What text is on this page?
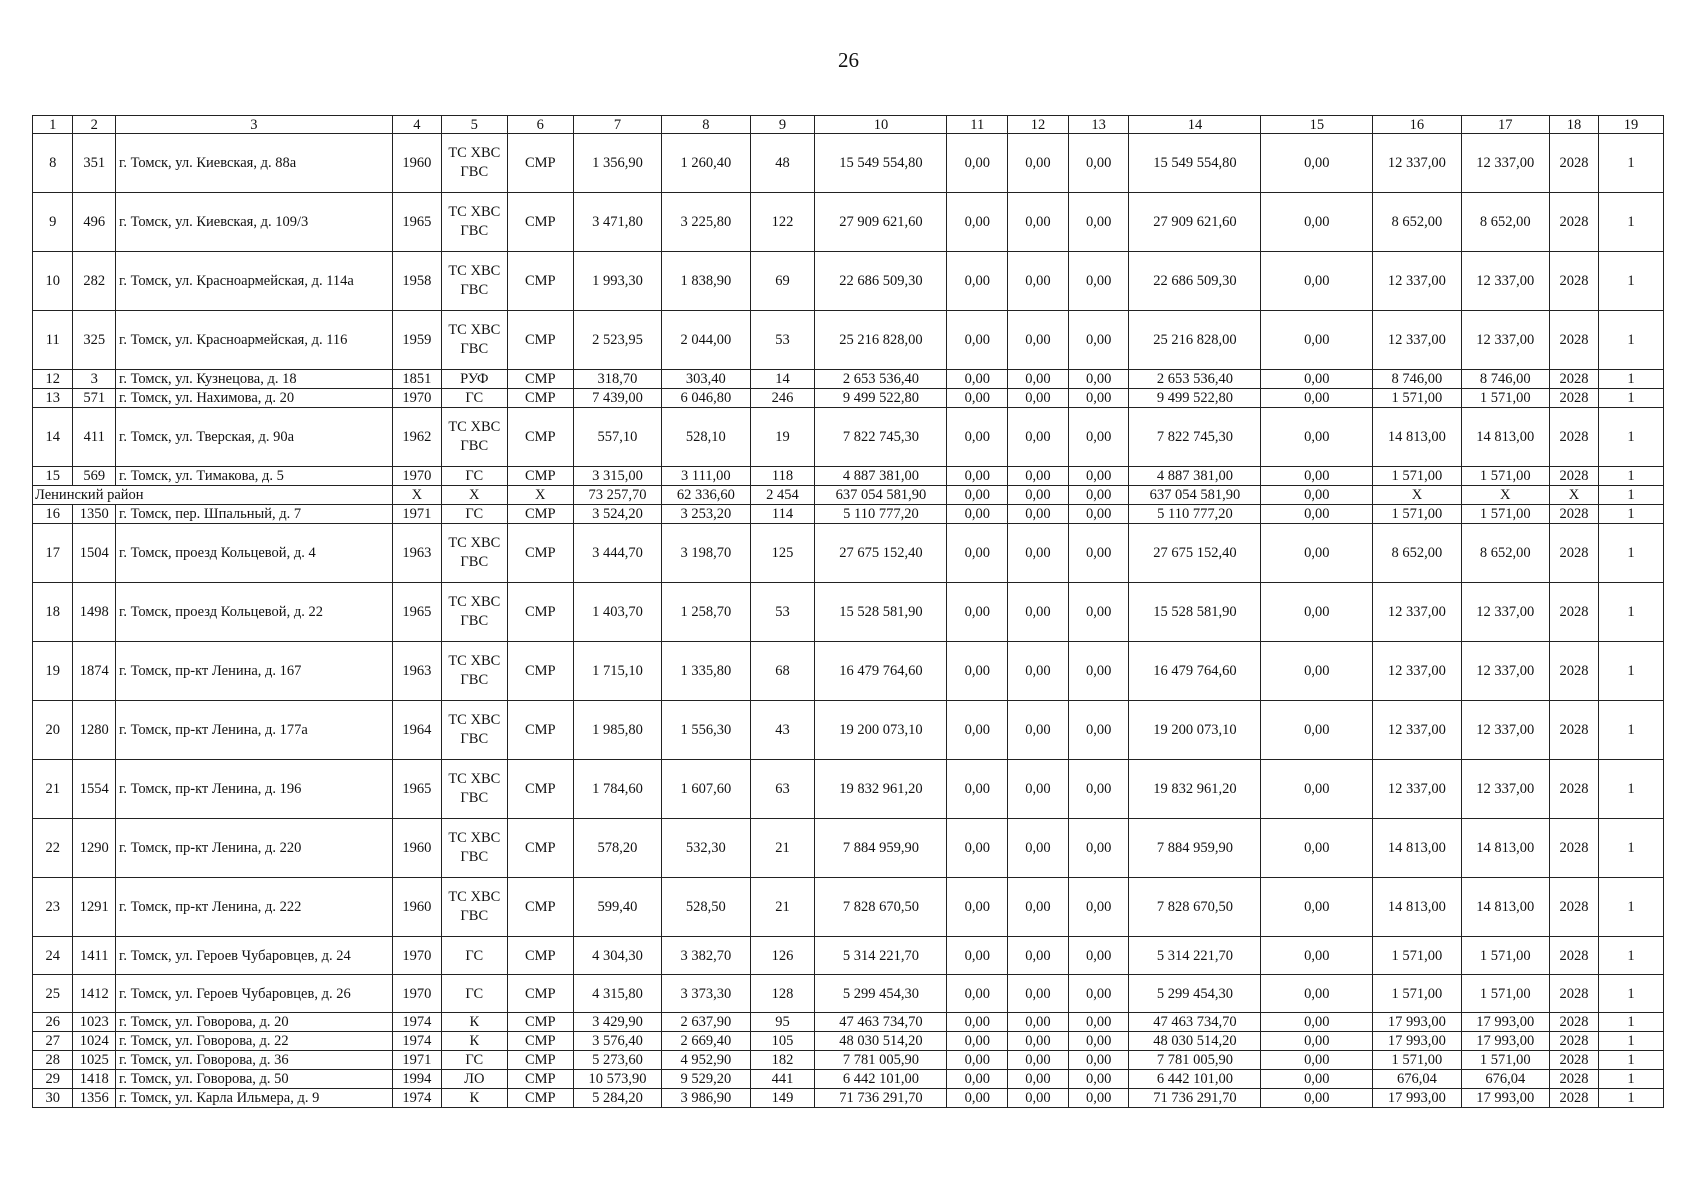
26
1	2	3	4	5	6	7	8	9	10	11	12	13	14	15	16	17	18	19
8	351	г. Томск, ул. Киевская, д. 88а	1960	ТС ХВС ГВС	СМР	1 356,90	1 260,40	48	15 549 554,80	0,00	0,00	0,00	15 549 554,80	0,00	12 337,00	12 337,00	2028	1
9	496	г. Томск, ул. Киевская, д. 109/3	1965	ТС ХВС ГВС	СМР	3 471,80	3 225,80	122	27 909 621,60	0,00	0,00	0,00	27 909 621,60	0,00	8 652,00	8 652,00	2028	1
10	282	г. Томск, ул. Красноармейская, д. 114а	1958	ТС ХВС ГВС	СМР	1 993,30	1 838,90	69	22 686 509,30	0,00	0,00	0,00	22 686 509,30	0,00	12 337,00	12 337,00	2028	1
11	325	г. Томск, ул. Красноармейская, д. 116	1959	ТС ХВС ГВС	СМР	2 523,95	2 044,00	53	25 216 828,00	0,00	0,00	0,00	25 216 828,00	0,00	12 337,00	12 337,00	2028	1
12	3	г. Томск, ул. Кузнецова, д. 18	1851	РУФ	СМР	318,70	303,40	14	2 653 536,40	0,00	0,00	0,00	2 653 536,40	0,00	8 746,00	8 746,00	2028	1
13	571	г. Томск, ул. Нахимова, д. 20	1970	ГС	СМР	7 439,00	6 046,80	246	9 499 522,80	0,00	0,00	0,00	9 499 522,80	0,00	1 571,00	1 571,00	2028	1
14	411	г. Томск, ул. Тверская, д. 90а	1962	ТС ХВС ГВС	СМР	557,10	528,10	19	7 822 745,30	0,00	0,00	0,00	7 822 745,30	0,00	14 813,00	14 813,00	2028	1
15	569	г. Томск, ул. Тимакова, д. 5	1970	ГС	СМР	3 315,00	3 111,00	118	4 887 381,00	0,00	0,00	0,00	4 887 381,00	0,00	1 571,00	1 571,00	2028	1
Ленинский район			Х	Х	Х	73 257,70	62 336,60	2 454	637 054 581,90	0,00	0,00	0,00	637 054 581,90	0,00	Х	Х	Х	1
16	1350	г. Томск, пер. Шпальный, д. 7	1971	ГС	СМР	3 524,20	3 253,20	114	5 110 777,20	0,00	0,00	0,00	5 110 777,20	0,00	1 571,00	1 571,00	2028	1
17	1504	г. Томск, проезд Кольцевой, д. 4	1963	ТС ХВС ГВС	СМР	3 444,70	3 198,70	125	27 675 152,40	0,00	0,00	0,00	27 675 152,40	0,00	8 652,00	8 652,00	2028	1
18	1498	г. Томск, проезд Кольцевой, д. 22	1965	ТС ХВС ГВС	СМР	1 403,70	1 258,70	53	15 528 581,90	0,00	0,00	0,00	15 528 581,90	0,00	12 337,00	12 337,00	2028	1
19	1874	г. Томск, пр-кт Ленина, д. 167	1963	ТС ХВС ГВС	СМР	1 715,10	1 335,80	68	16 479 764,60	0,00	0,00	0,00	16 479 764,60	0,00	12 337,00	12 337,00	2028	1
20	1280	г. Томск, пр-кт Ленина, д. 177а	1964	ТС ХВС ГВС	СМР	1 985,80	1 556,30	43	19 200 073,10	0,00	0,00	0,00	19 200 073,10	0,00	12 337,00	12 337,00	2028	1
21	1554	г. Томск, пр-кт Ленина, д. 196	1965	ТС ХВС ГВС	СМР	1 784,60	1 607,60	63	19 832 961,20	0,00	0,00	0,00	19 832 961,20	0,00	12 337,00	12 337,00	2028	1
22	1290	г. Томск, пр-кт Ленина, д. 220	1960	ТС ХВС ГВС	СМР	578,20	532,30	21	7 884 959,90	0,00	0,00	0,00	7 884 959,90	0,00	14 813,00	14 813,00	2028	1
23	1291	г. Томск, пр-кт Ленина, д. 222	1960	ТС ХВС ГВС	СМР	599,40	528,50	21	7 828 670,50	0,00	0,00	0,00	7 828 670,50	0,00	14 813,00	14 813,00	2028	1
24	1411	г. Томск, ул. Героев Чубаровцев, д. 24	1970	ГС	СМР	4 304,30	3 382,70	126	5 314 221,70	0,00	0,00	0,00	5 314 221,70	0,00	1 571,00	1 571,00	2028	1
25	1412	г. Томск, ул. Героев Чубаровцев, д. 26	1970	ГС	СМР	4 315,80	3 373,30	128	5 299 454,30	0,00	0,00	0,00	5 299 454,30	0,00	1 571,00	1 571,00	2028	1
26	1023	г. Томск, ул. Говорова, д. 20	1974	К	СМР	3 429,90	2 637,90	95	47 463 734,70	0,00	0,00	0,00	47 463 734,70	0,00	17 993,00	17 993,00	2028	1
27	1024	г. Томск, ул. Говорова, д. 22	1974	К	СМР	3 576,40	2 669,40	105	48 030 514,20	0,00	0,00	0,00	48 030 514,20	0,00	17 993,00	17 993,00	2028	1
28	1025	г. Томск, ул. Говорова, д. 36	1971	ГС	СМР	5 273,60	4 952,90	182	7 781 005,90	0,00	0,00	0,00	7 781 005,90	0,00	1 571,00	1 571,00	2028	1
29	1418	г. Томск, ул. Говорова, д. 50	1994	ЛО	СМР	10 573,90	9 529,20	441	6 442 101,00	0,00	0,00	0,00	6 442 101,00	0,00	676,04	676,04	2028	1
30	1356	г. Томск, ул. Карла Ильмера, д. 9	1974	К	СМР	5 284,20	3 986,90	149	71 736 291,70	0,00	0,00	0,00	71 736 291,70	0,00	17 993,00	17 993,00	2028	1
